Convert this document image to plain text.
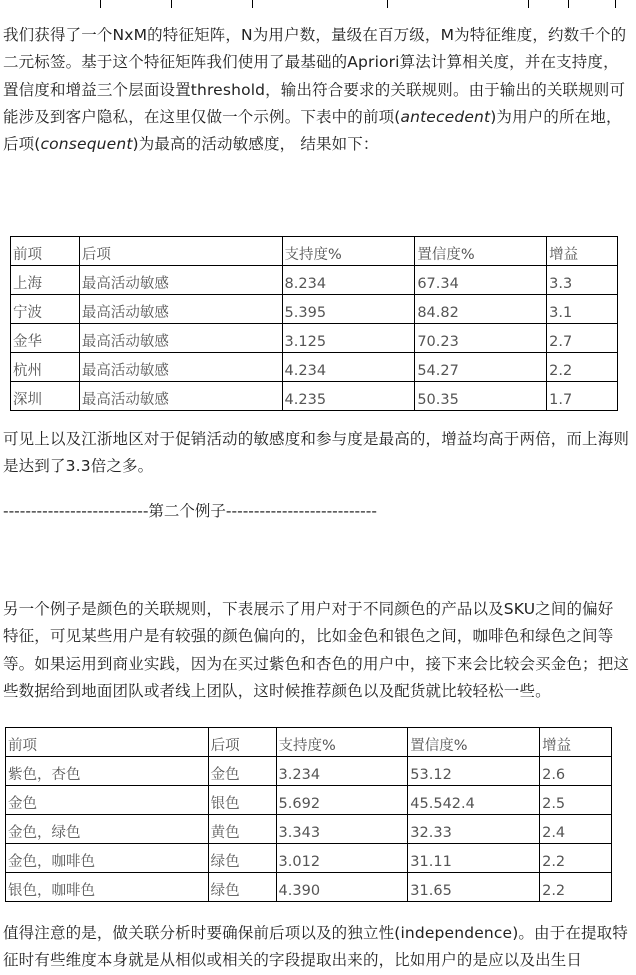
我们获得了一个NxM的特征矩阵，N为用户数，量级在百万级，M为特征维度，约数千个的二元标签。基于这个特征矩阵我们使用了最基础的Apriori算法计算相关度，并在支持度，置信度和增益三个层面设置threshold，输出符合要求的关联规则。由于输出的关联规则可能涉及到客户隐私，在这里仅做一个示例。下表中的前项(antecedent)为用户的所在地，后项(consequent)为最高的活动敏感度， 结果如下：

前项	后项	支持度%	置信度%	增益
上海	最高活动敏感	8.234	67.34	3.3
宁波	最高活动敏感	5.395	84.82	3.1
金华	最高活动敏感	3.125	70.23	2.7
杭州	最高活动敏感	4.234	54.27	2.2
深圳	最高活动敏感	4.235	50.35	1.7

可见上以及江浙地区对于促销活动的敏感度和参与度是最高的，增益均高于两倍，而上海则是达到了3.3倍之多。

--------------------------第二个例子---------------------------

另一个例子是颜色的关联规则，下表展示了用户对于不同颜色的产品以及SKU之间的偏好特征，可见某些用户是有较强的颜色偏向的，比如金色和银色之间，咖啡色和绿色之间等等。如果运用到商业实践，因为在买过紫色和杏色的用户中，接下来会比较会买金色；把这些数据给到地面团队或者线上团队，这时候推荐颜色以及配货就比较轻松一些。

前项	后项	支持度%	置信度%	增益
紫色，杏色	金色	3.234	53.12	2.6
金色	银色	5.692	45.542.4	2.5
金色，绿色	黄色	3.343	32.33	2.4
金色，咖啡色	绿色	3.012	31.11	2.2
银色，咖啡色	绿色	4.390	31.65	2.2

值得注意的是，做关联分析时要确保前后项以及的独立性(independence)。由于在提取特征时有些维度本身就是从相似或相关的字段提取出来的，比如用户的是应以及出生日
